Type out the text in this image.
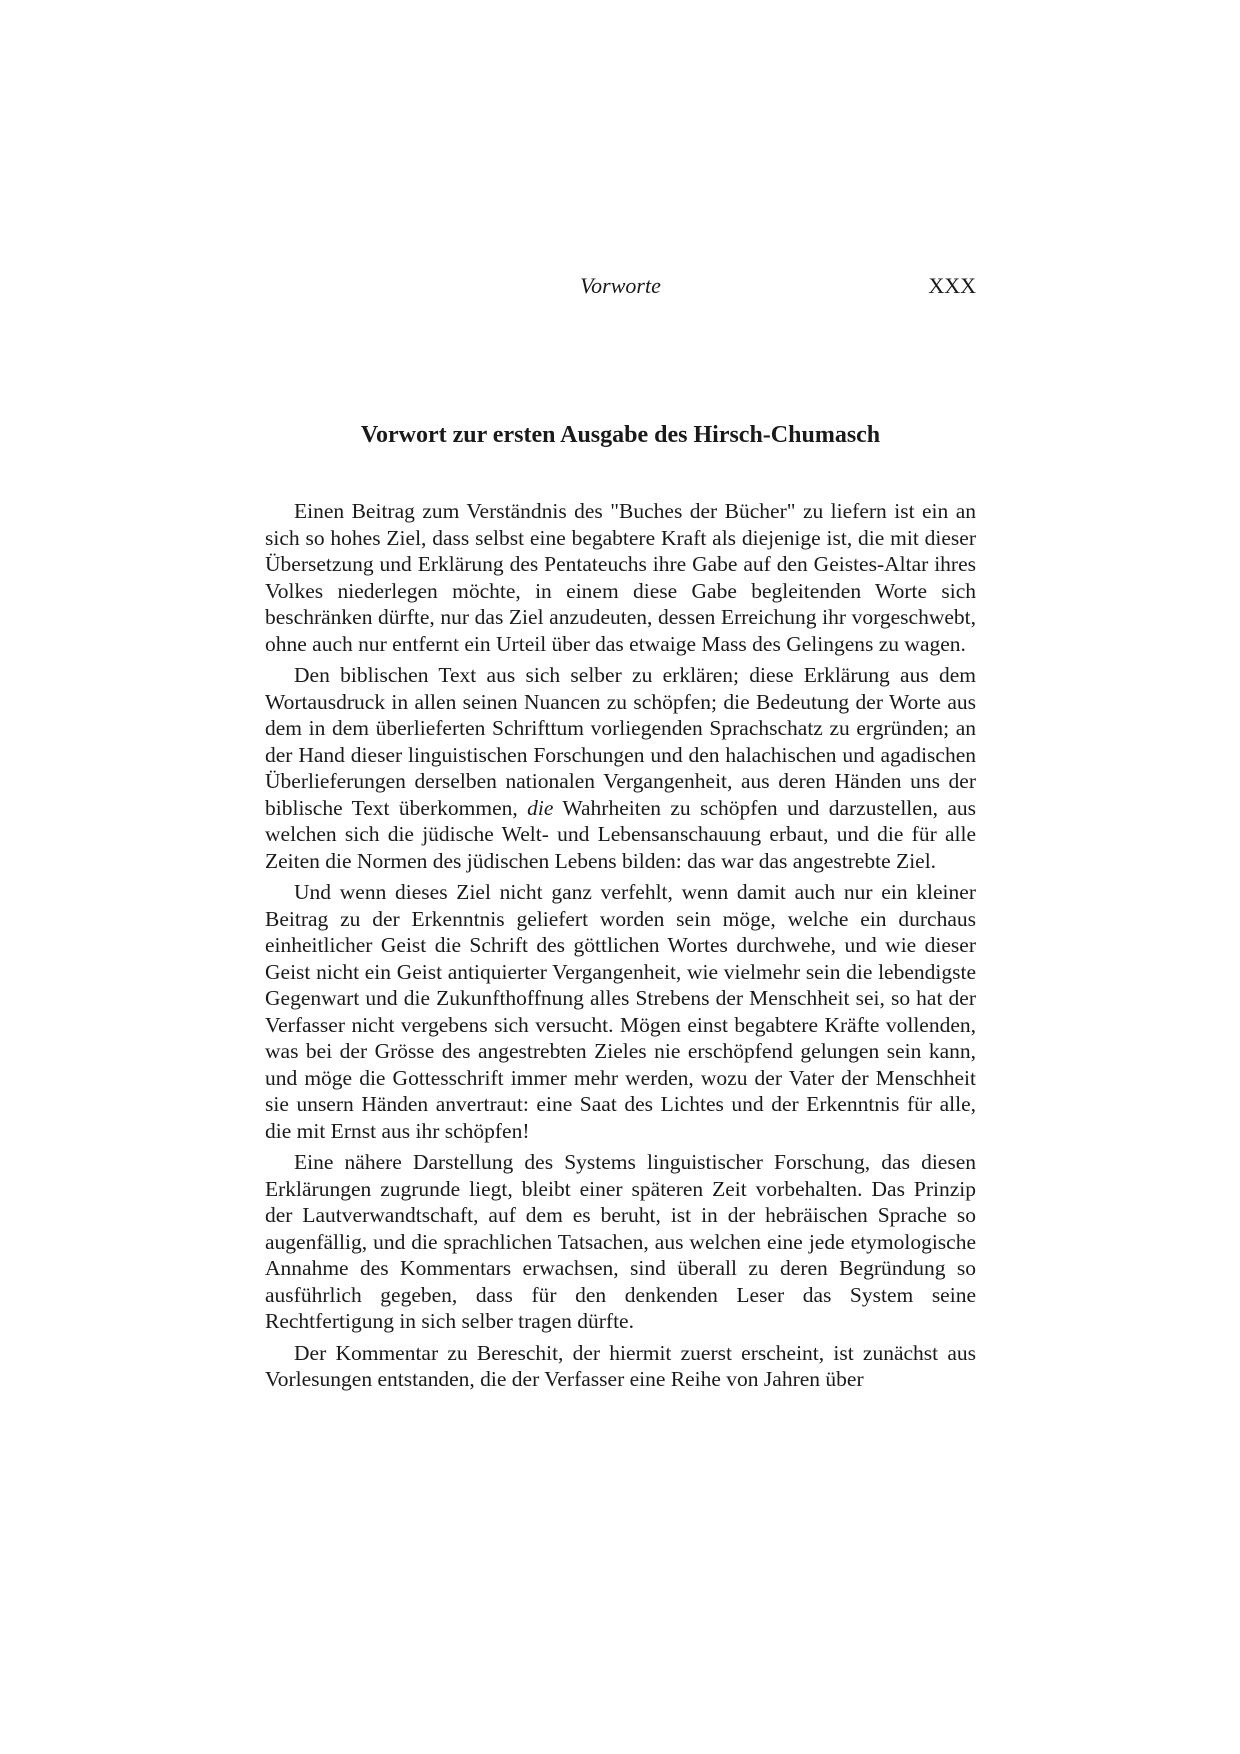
Vorworte	XXX
Vorwort zur ersten Ausgabe des Hirsch-Chumasch

Einen Beitrag zum Verständnis des "Buches der Bücher" zu liefern ist ein an sich so hohes Ziel, dass selbst eine begabtere Kraft als diejenige ist, die mit dieser Übersetzung und Erklärung des Pentateuchs ihre Gabe auf den Geistes-Altar ihres Volkes niederlegen möchte, in einem diese Gabe begleitenden Worte sich beschränken dürfte, nur das Ziel anzudeuten, dessen Erreichung ihr vorgeschwebt, ohne auch nur entfernt ein Urteil über das etwaige Mass des Gelingens zu wagen.

Den biblischen Text aus sich selber zu erklären; diese Erklärung aus dem Wortausdruck in allen seinen Nuancen zu schöpfen; die Bedeutung der Worte aus dem in dem überlieferten Schrifttum vorliegenden Sprachschatz zu ergründen; an der Hand dieser linguistischen Forschungen und den halachischen und agadischen Überlieferungen derselben nationalen Vergangenheit, aus deren Händen uns der biblische Text überkommen, die Wahrheiten zu schöpfen und darzustellen, aus welchen sich die jüdische Welt- und Lebensanschauung erbaut, und die für alle Zeiten die Normen des jüdischen Lebens bilden: das war das angestrebte Ziel.

Und wenn dieses Ziel nicht ganz verfehlt, wenn damit auch nur ein kleiner Beitrag zu der Erkenntnis geliefert worden sein möge, welche ein durchaus einheitlicher Geist die Schrift des göttlichen Wortes durchwehe, und wie dieser Geist nicht ein Geist antiquierter Vergangenheit, wie vielmehr sein die lebendigste Gegenwart und die Zukunfthoffnung alles Strebens der Menschheit sei, so hat der Verfasser nicht vergebens sich versucht. Mögen einst begabtere Kräfte vollenden, was bei der Grösse des angestrebten Zieles nie erschöpfend gelungen sein kann, und möge die Gottesschrift immer mehr werden, wozu der Vater der Menschheit sie unsern Händen anvertraut: eine Saat des Lichtes und der Erkenntnis für alle, die mit Ernst aus ihr schöpfen!

Eine nähere Darstellung des Systems linguistischer Forschung, das diesen Erklärungen zugrunde liegt, bleibt einer späteren Zeit vorbehalten. Das Prinzip der Lautverwandtschaft, auf dem es beruht, ist in der hebräischen Sprache so augenfällig, und die sprachlichen Tatsachen, aus welchen eine jede etymologische Annahme des Kommentars erwachsen, sind überall zu deren Begründung so ausführlich gegeben, dass für den denkenden Leser das System seine Rechtfertigung in sich selber tragen dürfte.

Der Kommentar zu Bereschit, der hiermit zuerst erscheint, ist zunächst aus Vorlesungen entstanden, die der Verfasser eine Reihe von Jahren über
